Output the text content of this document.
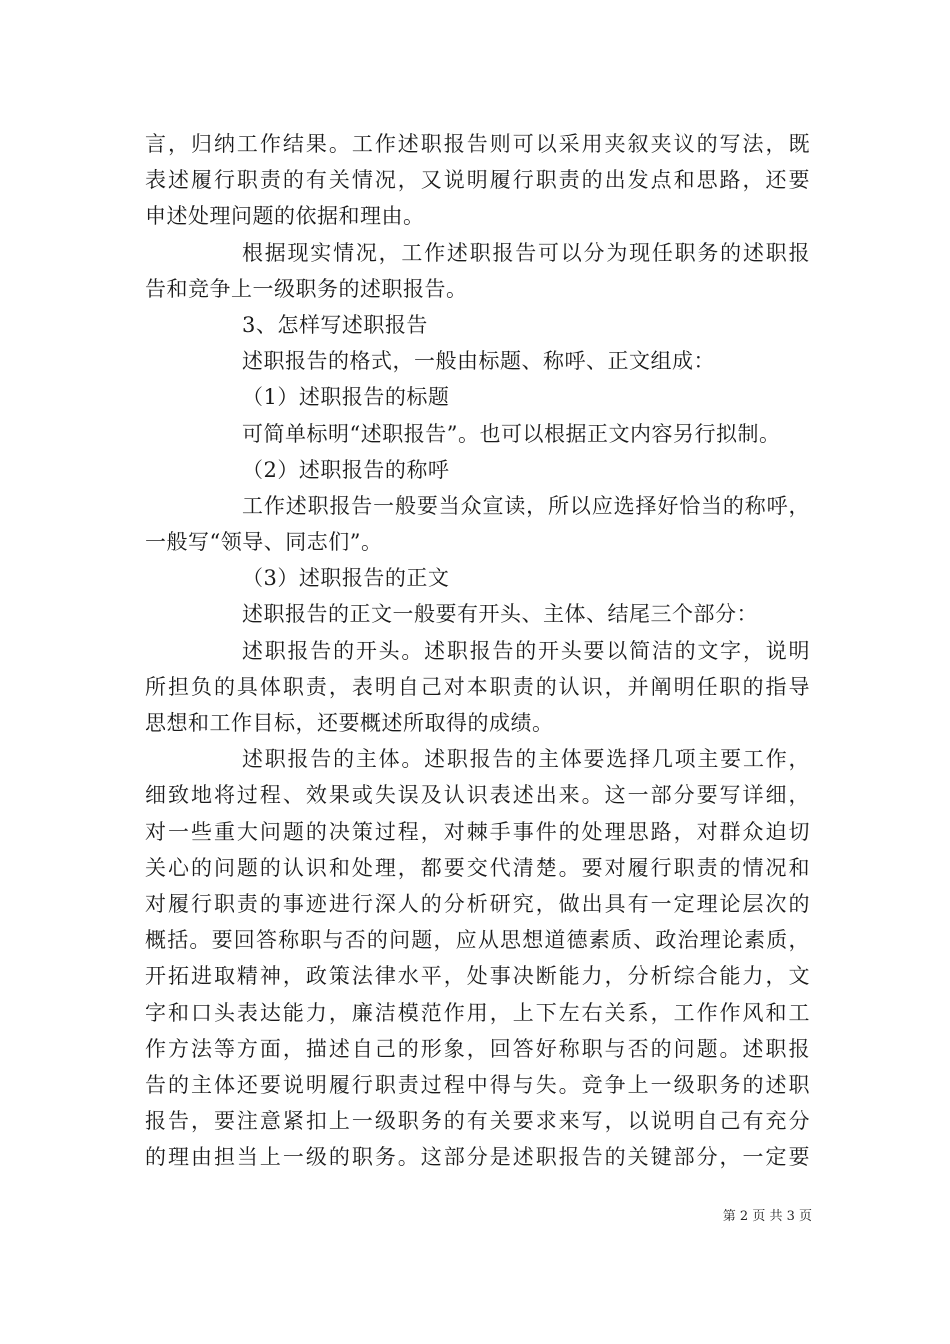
言，归纳工作结果。工作述职报告则可以采用夹叙夹议的写法，既
表述履行职责的有关情况，又说明履行职责的出发点和思路，还要
申述处理问题的依据和理由。
根据现实情况，工作述职报告可以分为现任职务的述职报
告和竞争上一级职务的述职报告。
3、怎样写述职报告
述职报告的格式，一般由标题、称呼、正文组成：
（1）述职报告的标题
可简单标明“述职报告”。也可以根据正文内容另行拟制。
（2）述职报告的称呼
工作述职报告一般要当众宣读，所以应选择好恰当的称呼，
一般写“领导、同志们”。
（3）述职报告的正文
述职报告的正文一般要有开头、主体、结尾三个部分：
述职报告的开头。述职报告的开头要以简洁的文字，说明
所担负的具体职责，表明自己对本职责的认识，并阐明任职的指导
思想和工作目标，还要概述所取得的成绩。
述职报告的主体。述职报告的主体要选择几项主要工作，
细致地将过程、效果或失误及认识表述出来。这一部分要写详细，
对一些重大问题的决策过程，对棘手事件的处理思路，对群众迫切
关心的问题的认识和处理，都要交代清楚。要对履行职责的情况和
对履行职责的事迹进行深人的分析研究，做出具有一定理论层次的
概括。要回答称职与否的问题，应从思想道德素质、政治理论素质，
开拓进取精神，政策法律水平，处事决断能力，分析综合能力，文
字和口头表达能力，廉洁模范作用，上下左右关系，工作作风和工
作方法等方面，描述自己的形象，回答好称职与否的问题。述职报
告的主体还要说明履行职责过程中得与失。竞争上一级职务的述职
报告，要注意紧扣上一级职务的有关要求来写，以说明自己有充分
的理由担当上一级的职务。这部分是述职报告的关键部分，一定要
第 2 页 共 3 页
